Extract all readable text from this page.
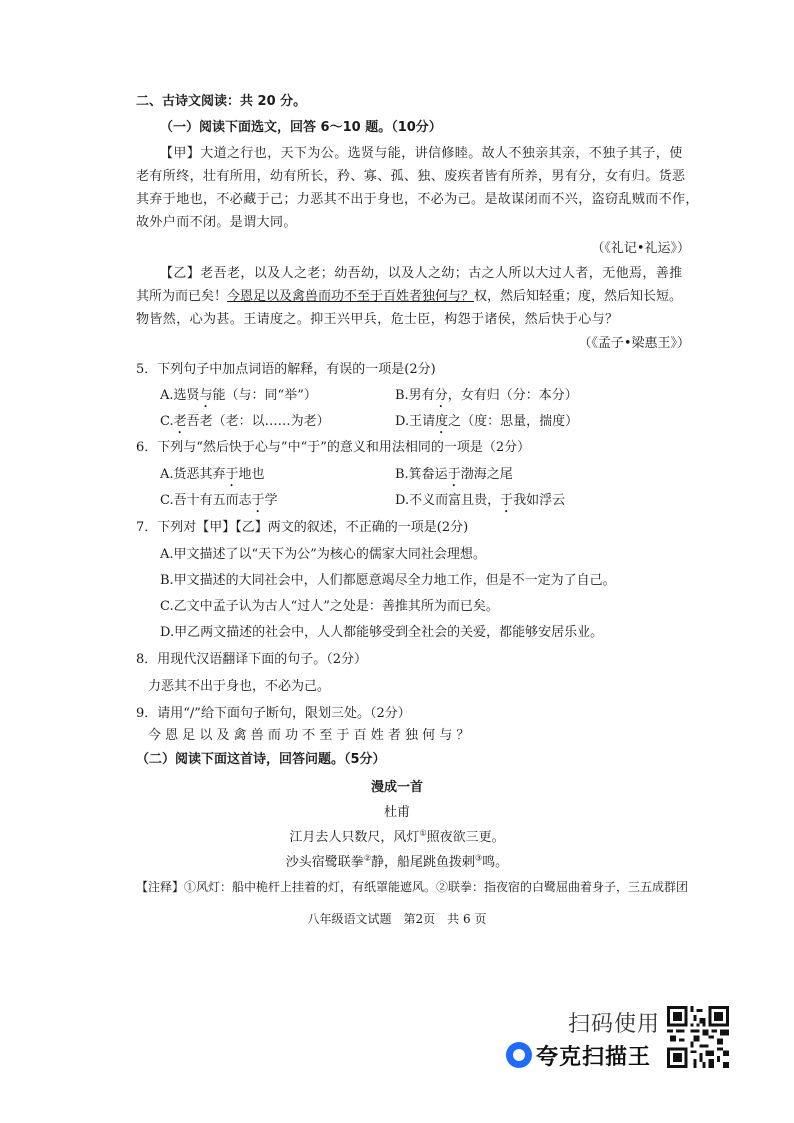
二、古诗文阅读：共 20 分。
（一）阅读下面选文，回答 6～10 题。（10分）
【甲】大道之行也，天下为公。选贤与能，讲信修睦。故人不独亲其亲，不独子其子，使
老有所终，壮有所用，幼有所长，矜、寡、孤、独、废疾者皆有所养，男有分，女有归。货恶
其弃于地也，不必藏于己；力恶其不出于身也，不必为己。是故谋闭而不兴，盗窃乱贼而不作，
故外户而不闭。是谓大同。
（《礼记•礼运》）
【乙】老吾老，以及人之老；幼吾幼，以及人之幼；古之人所以大过人者，无他焉，善推
其所为而已矣！今恩足以及禽兽而功不至于百姓者独何与？权，然后知轻重；度，然后知长短。
物皆然，心为甚。王请度之。抑王兴甲兵，危士臣，构怨于诸侯，然后快于心与？
（《孟子•梁惠王》）
5．下列句子中加点词语的解释，有误的一项是(2分)
A.选贤与能（与：同“举”）	B.男有分，女有归（分：本分）
C.老吾老（老：以……为老）	D.王请度之（度：思量，揣度）
6．下列与“然后快于心与”中“于”的意义和用法相同的一项是（2分）
A.货恶其弃于地也	B.箕畚运于渤海之尾
C.吾十有五而志于学	D.不义而富且贵，于我如浮云
7．下列对【甲】【乙】两文的叙述，不正确的一项是(2分)
A.甲文描述了以“天下为公”为核心的儒家大同社会理想。
B.甲文描述的大同社会中，人们都愿意竭尽全力地工作，但是不一定为了自己。
C.乙文中孟子认为古人“过人”之处是：善推其所为而已矣。
D.甲乙两文描述的社会中，人人都能够受到全社会的关爱，都能够安居乐业。
8．用现代汉语翻译下面的句子。（2分）
力恶其不出于身也，不必为己。
9．请用“/”给下面句子断句，限划三处。（2分）
今 恩 足 以 及 禽 兽 而 功 不 至 于 百 姓 者 独 何 与 ？
（二）阅读下面这首诗，回答问题。（5分）
漫成一首
杜甫
江月去人只数尺，风灯①照夜欲三更。
沙头宿鹭联拳②静，船尾跳鱼拨剌③鸣。
【注释】①风灯：船中桅杆上挂着的灯，有纸罩能遮风。②联拳：指夜宿的白鹭屈曲着身子，三五成群团
八年级语文试题　第2页　共 6 页
扫码使用
夸克扫描王
